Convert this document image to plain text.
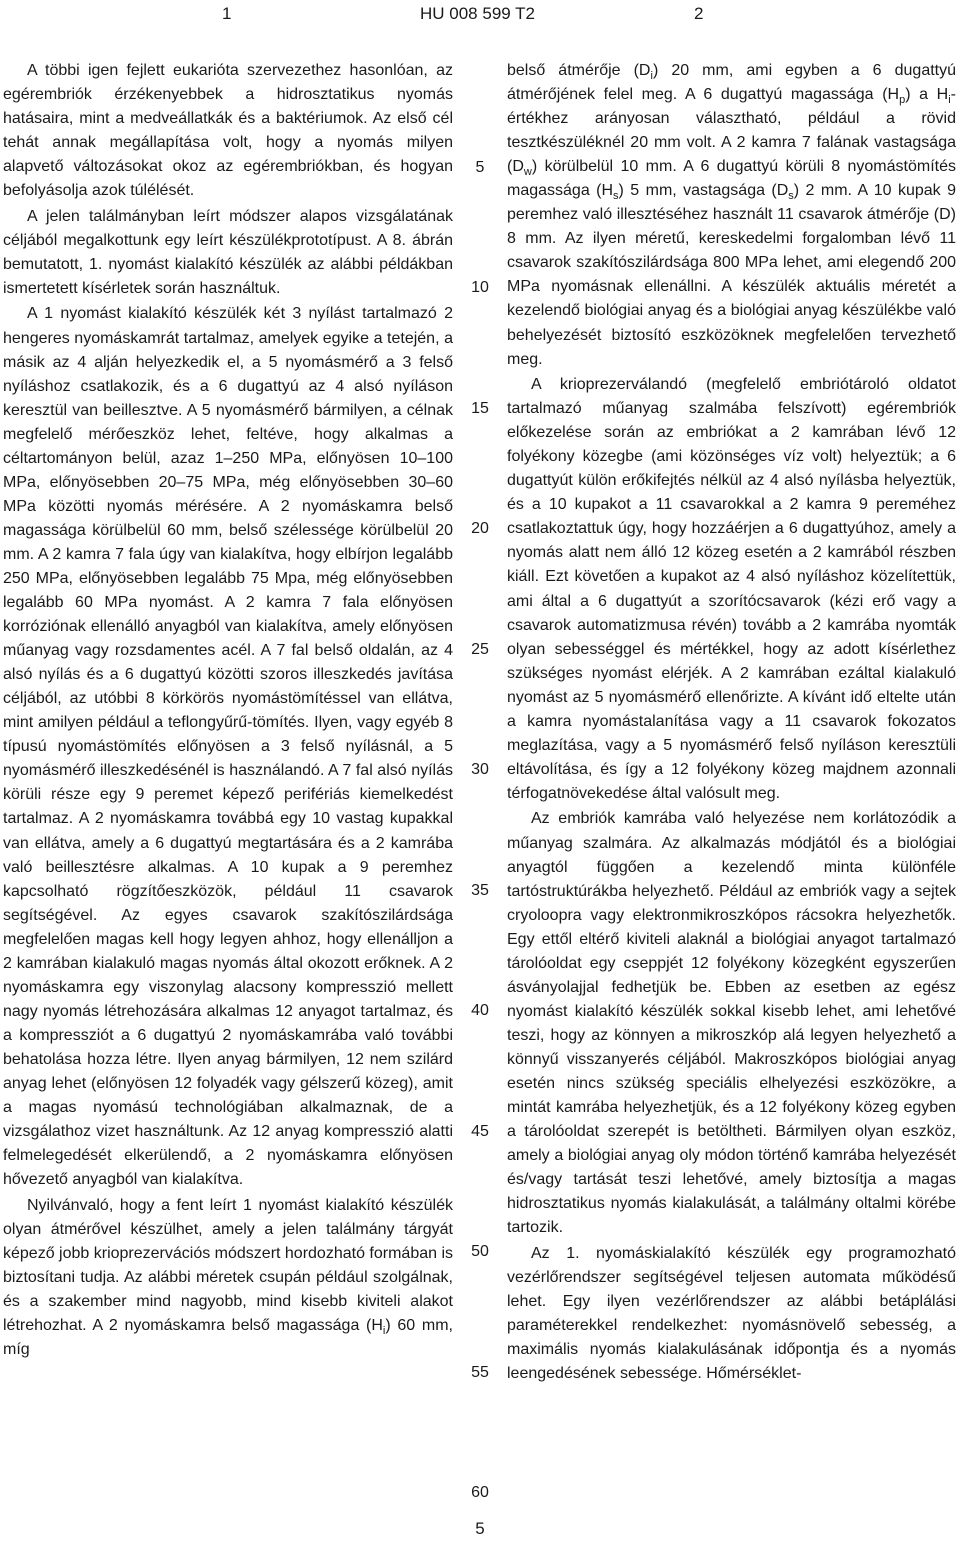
1	HU 008 599 T2	2

A többi igen fejlett eukarióta szervezethez hasonlóan, az egérembriók érzékenyebbek a hidrosztatikus nyomás hatásaira, mint a medveállatkák és a baktériumok. Az első cél tehát annak megállapítása volt, hogy a nyomás milyen alapvető változásokat okoz az egérembriókban, és hogyan befolyásolja azok túlélését.

A jelen találmányban leírt módszer alapos vizsgálatának céljából megalkottunk egy leírt készülékprototípust. A 8. ábrán bemutatott, 1. nyomást kialakító készülék az alábbi példákban ismertetett kísérletek során használtuk.

A 1 nyomást kialakító készülék két 3 nyílást tartalmazó 2 hengeres nyomáskamrát tartalmaz, amelyek egyike a tetején, a másik az 4 alján helyezkedik el, a 5 nyomásmérő a 3 felső nyíláshoz csatlakozik, és a 6 dugattyú az 4 alsó nyíláson keresztül van beillesztve. A 5 nyomásmérő bármilyen, a célnak megfelelő mérőeszköz lehet, feltéve, hogy alkalmas a céltartományon belül, azaz 1–250 MPa, előnyösen 10–100 MPa, előnyösebben 20–75 MPa, még előnyösebben 30–60 MPa közötti nyomás mérésére. A 2 nyomáskamra belső magassága körülbelül 60 mm, belső szélessége körülbelül 20 mm. A 2 kamra 7 fala úgy van kialakítva, hogy elbírjon legalább 250 MPa, előnyösebben legalább 75 Mpa, még előnyösebben legalább 60 MPa nyomást. A 2 kamra 7 fala előnyösen korróziónak ellenálló anyagból van kialakítva, amely előnyösen műanyag vagy rozsdamentes acél. A 7 fal belső oldalán, az 4 alsó nyílás és a 6 dugattyú közötti szoros illeszkedés javítása céljából, az utóbbi 8 körkörös nyomástömítéssel van ellátva, mint amilyen például a teflongyűrű-tömítés. Ilyen, vagy egyéb 8 típusú nyomástömítés előnyösen a 3 felső nyílásnál, a 5 nyomásmérő illeszkedésénél is használandó. A 7 fal alsó nyílás körüli része egy 9 peremet képező perifériás kiemelkedést tartalmaz. A 2 nyomáskamra továbbá egy 10 vastag kupakkal van ellátva, amely a 6 dugattyú megtartására és a 2 kamrába való beillesztésre alkalmas. A 10 kupak a 9 peremhez kapcsolható rögzítőeszközök, például 11 csavarok segítségével. Az egyes csavarok szakítószilárdsága megfelelően magas kell hogy legyen ahhoz, hogy ellenálljon a 2 kamrában kialakuló magas nyomás által okozott erőknek. A 2 nyomáskamra egy viszonylag alacsony kompresszió mellett nagy nyomás létrehozására alkalmas 12 anyagot tartalmaz, és a kompressziót a 6 dugattyú 2 nyomáskamrába való további behatolása hozza létre. Ilyen anyag bármilyen, 12 nem szilárd anyag lehet (előnyösen 12 folyadék vagy gélszerű közeg), amit a magas nyomású technológiában alkalmaznak, de a vizsgálathoz vizet használtunk. Az 12 anyag kompresszió alatti felmelegedését elkerülendő, a 2 nyomáskamra előnyösen hővezető anyagból van kialakítva.

Nyilvánvaló, hogy a fent leírt 1 nyomást kialakító készülék olyan átmérővel készülhet, amely a jelen találmány tárgyát képező jobb krioprezervációs módszert hordozható formában is biztosítani tudja. Az alábbi méretek csupán például szolgálnak, és a szakember mind nagyobb, mind kisebb kiviteli alakot létrehozhat. A 2 nyomáskamra belső magassága $(H_i)$ 60 mm, míg

5
10
15
20
25
30
35
40
45
50
55
60

belső átmérője $(D_i)$ 20 mm, ami egyben a 6 dugattyú átmérőjének felel meg. A 6 dugattyú magassága $(H_p)$ a $H_i$-értékhez arányosan választható, például a rövid tesztkészüléknél 20 mm volt. A 2 kamra 7 falának vastagsága $(D_w)$ körülbelül 10 mm. A 6 dugattyú körüli 8 nyomástömítés magassága $(H_s)$ 5 mm, vastagsága $(D_s)$ 2 mm. A 10 kupak 9 peremhez való illesztéséhez használt 11 csavarok átmérője (D) 8 mm. Az ilyen méretű, kereskedelmi forgalomban lévő 11 csavarok szakítószilárdsága 800 MPa lehet, ami elegendő 200 MPa nyomásnak ellenállni. A készülék aktuális méretét a kezelendő biológiai anyag és a biológiai anyag készülékbe való behelyezését biztosító eszközöknek megfelelően tervezhető meg.

A krioprezerválandó (megfelelő embriótároló oldatot tartalmazó műanyag szalmába felszívott) egérembriók előkezelése során az embriókat a 2 kamrában lévő 12 folyékony közegbe (ami közönséges víz volt) helyeztük; a 6 dugattyút külön erőkifejtés nélkül az 4 alsó nyílásba helyeztük, és a 10 kupakot a 11 csavarokkal a 2 kamra 9 pereméhez csatlakoztattuk úgy, hogy hozzáérjen a 6 dugattyúhoz, amely a nyomás alatt nem álló 12 közeg esetén a 2 kamrából részben kiáll. Ezt követően a kupakot az 4 alsó nyíláshoz közelítettük, ami által a 6 dugattyút a szorítócsavarok (kézi erő vagy a csavarok automatizmusa révén) tovább a 2 kamrába nyomták olyan sebességgel és mértékkel, hogy az adott kísérlethez szükséges nyomást elérjék. A 2 kamrában ezáltal kialakuló nyomást az 5 nyomásmérő ellenőrizte. A kívánt idő eltelte után a kamra nyomástalanítása vagy a 11 csavarok fokozatos meglazítása, vagy a 5 nyomásmérő felső nyíláson keresztüli eltávolítása, és így a 12 folyékony közeg majdnem azonnali térfogatnövekedése által valósult meg.

Az embriók kamrába való helyezése nem korlátozódik a műanyag szalmára. Az alkalmazás módjától és a biológiai anyagtól függően a kezelendő minta különféle tartóstruktúrákba helyezhető. Például az embriók vagy a sejtek cryoloopra vagy elektronmikroszkópos rácsokra helyezhetők. Egy ettől eltérő kiviteli alaknál a biológiai anyagot tartalmazó tárolóoldat egy cseppjét 12 folyékony közegként egyszerűen ásványolajjal fedhetjük be. Ebben az esetben az egész nyomást kialakító készülék sokkal kisebb lehet, ami lehetővé teszi, hogy az könnyen a mikroszkóp alá legyen helyezhető a könnyű visszanyerés céljából. Makroszkópos biológiai anyag esetén nincs szükség speciális elhelyezési eszközökre, a mintát kamrába helyezhetjük, és a 12 folyékony közeg egyben a tárolóoldat szerepét is betöltheti. Bármilyen olyan eszköz, amely a biológiai anyag oly módon történő kamrába helyezését és/vagy tartását teszi lehetővé, amely biztosítja a magas hidrosztatikus nyomás kialakulását, a találmány oltalmi körébe tartozik.

Az 1. nyomáskialakító készülék egy programozható vezérlőrendszer segítségével teljesen automata működésű lehet. Egy ilyen vezérlőrendszer az alábbi betáplálási paraméterekkel rendelkezhet: nyomásnövelő sebesség, a maximális nyomás kialakulásának időpontja és a nyomás leengedésének sebessége. Hőmérséklet-

5
